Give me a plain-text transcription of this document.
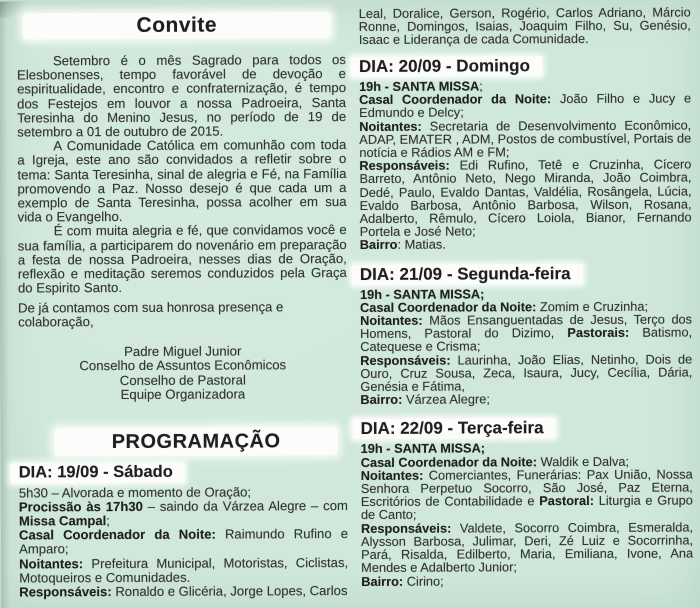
Convite

Setembro é o mês Sagrado para todos os Elesbonenses, tempo favorável de devoção e espiritualidade, encontro e confraternização, é tempo dos Festejos em louvor a nossa Padroeira, Santa Teresinha do Menino Jesus, no período de 19 de setembro a 01 de outubro de 2015.

A Comunidade Católica em comunhão com toda a Igreja, este ano são convidados a refletir sobre o tema: Santa Teresinha, sinal de alegria e Fé, na Família promovendo a Paz. Nosso desejo é que cada um a exemplo de Santa Teresinha, possa acolher em sua vida o Evangelho.

É com muita alegria e fé, que convidamos você e sua família, a participarem do novenário em preparação a festa de nossa Padroeira, nesses dias de Oração, reflexão e meditação seremos conduzidos pela Graça do Espirito Santo.

De já contamos com sua honrosa presença e colaboração,
Padre Miguel Junior
Conselho de Assuntos Econômicos
Conselho de Pastoral
Equipe Organizadora
PROGRAMAÇÃO
DIA: 19/09 - Sábado

5h30 – Alvorada e momento de Oração;

Procissão às 17h30 – saindo da Várzea Alegre – com Missa Campal;

Casal Coordenador da Noite: Raimundo Rufino e Amparo;

Noitantes: Prefeitura Municipal, Motoristas, Ciclistas, Motoqueiros e Comunidades.

Responsáveis: Ronaldo e Glicéria, Jorge Lopes, Carlos

Leal, Doralice, Gerson, Rogério, Carlos Adriano, Márcio Ronne, Domingos, Isaias, Joaquim Filho, Su, Genésio, Isaac e Liderança de cada Comunidade.
DIA: 20/09 - Domingo

19h - SANTA MISSA;

Casal Coordenador da Noite: João Filho e Jucy e Edmundo e Delcy;

Noitantes: Secretaria de Desenvolvimento Econômico, ADAP, EMATER , ADM, Postos de combustível, Portais de notícia e Rádios AM e FM;

Responsáveis: Edi Rufino, Tetê e Cruzinha, Cícero Barreto, Antônio Neto, Nego Miranda, João Coimbra, Dedé, Paulo, Evaldo Dantas, Valdélia, Rosângela, Lúcia, Evaldo Barbosa, Antônio Barbosa, Wilson, Rosana, Adalberto, Rêmulo, Cícero Loiola, Bianor, Fernando Portela e José Neto;

Bairro: Matias.

DIA: 21/09 - Segunda-feira

19h - SANTA MISSA;

Casal Coordenador da Noite: Zomim e Cruzinha;

Noitantes: Mãos Ensanguentadas de Jesus, Terço dos Homens, Pastoral do Dizimo, Pastorais: Batismo, Catequese e Crisma;

Responsáveis: Laurinha, João Elias, Netinho, Dois de Ouro, Cruz Sousa, Zeca, Isaura, Jucy, Cecília, Dária, Genésia e Fátima,

Bairro: Várzea Alegre;

DIA: 22/09 - Terça-feira

19h - SANTA MISSA;

Casal Coordenador da Noite: Waldik e Dalva;

Noitantes: Comerciantes, Funerárias: Pax União, Nossa Senhora Perpetuo Socorro, São José, Paz Eterna, Escritórios de Contabilidade e Pastoral: Liturgia e Grupo de Canto;

Responsáveis: Valdete, Socorro Coimbra, Esmeralda, Alysson Barbosa, Julimar, Deri, Zé Luiz e Socorrinha, Pará, Risalda, Edilberto, Maria, Emiliana, Ivone, Ana Mendes e Adalberto Junior;

Bairro: Cirino;
